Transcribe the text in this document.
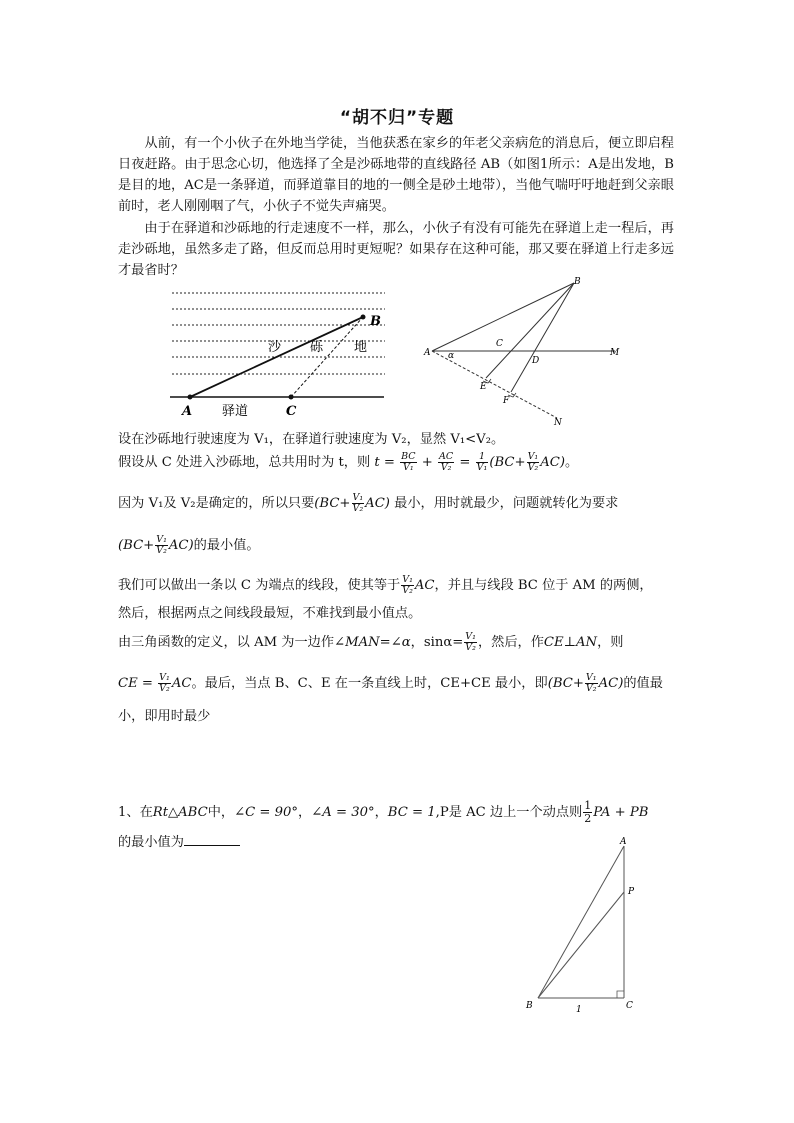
“胡不归”专题
从前，有一个小伙子在外地当学徒，当他获悉在家乡的年老父亲病危的消息后，便立即启程日夜赶路。由于思念心切，他选择了全是沙砾地带的直线路径 AB（如图1所示：A是出发地，B是目的地，AC是一条驿道，而驿道靠目的地的一侧全是砂土地带），当他气喘吁吁地赶到父亲眼前时，老人刚刚咽了气，小伙子不觉失声痛哭。
由于在驿道和沙砾地的行走速度不一样，那么，小伙子有没有可能先在驿道上走一程后，再走沙砾地，虽然多走了路，但反而总用时更短呢？如果存在这种可能，那又要在驿道上行走多远才最省时？
B
A	C
沙 砾 地
驿道
B
A α
C
D
M
E
F
N
设在沙砾地行驶速度为 V₁，在驿道行驶速度为 V₂，显然 V₁<V₂。
假设从 C 处进入沙砾地，总共用时为 t，则 $t = \frac{BC}{\text{V₁}} + \frac{AC}{\text{V₂}} = \frac{1}{\text{V₁}} (BC+ \frac{\text{V₁}}{\text{V₂}} AC)$。
因为 V₁及 V₂是确定的，所以只要$(BC+ \frac{\text{V₁}}{\text{V₂}} AC)$ 最小，用时就最少，问题就转化为要求
$(BC+ \frac{\text{V₁}}{\text{V₂}} AC)$的最小值。
我们可以做出一条以 C 为端点的线段，使其等于 $\frac{\text{V₁}}{\text{V₂}}$ AC，并且与线段 BC 位于 AM 的两侧，
然后，根据两点之间线段最短，不难找到最小值点。
由三角函数的定义，以 AM 为一边作∠MAN=∠α，$\sin\alpha= \frac{\text{V₁}}{\text{V₂}}$ ，然后，作CE⊥AN，则
CE = $\frac{\text{V₁}}{\text{V₂}}$ AC。最后，当点 B、C、E 在一条直线上时，CE+CE 最小，即$(BC+ \frac{\text{V₁}}{\text{V₂}} AC)$的值最
小，即用时最少
1、在Rt△ABC中，∠C = 90°，∠A = 30°，BC = 1,P是 AC 边上一个动点则 $\frac{1}{2}$ PA + PB
的最小值为	A
P
B	C
1
